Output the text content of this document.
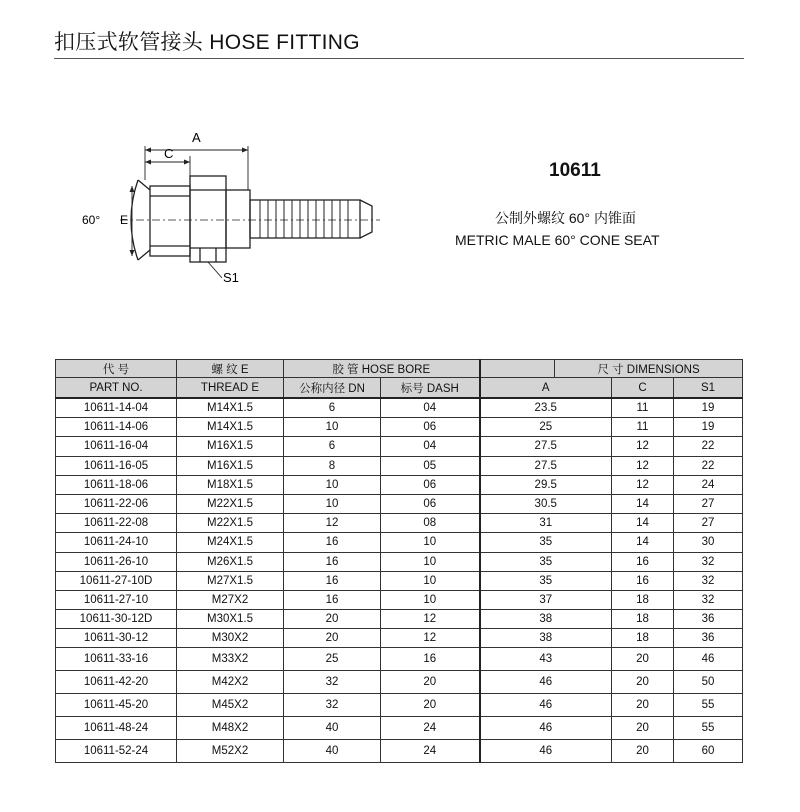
扣压式软管接头 HOSE FITTING
A
C
E
60°
S1
10611
公制外螺纹 60° 内锥面
METRIC MALE 60° CONE SEAT
代 号	螺 纹 E	胶 管 HOSE BORE			尺 寸 DIMENSIONS		
PART NO.	THREAD E	公称内径 DN	标号 DASH	A		C	S1
10611-14-04	M14X1.5	6	04	23.5		11	19
10611-14-06	M14X1.5	10	06	25		11	19
10611-16-04	M16X1.5	6	04	27.5		12	22
10611-16-05	M16X1.5	8	05	27.5		12	22
10611-18-06	M18X1.5	10	06	29.5		12	24
10611-22-06	M22X1.5	10	06	30.5		14	27
10611-22-08	M22X1.5	12	08	31		14	27
10611-24-10	M24X1.5	16	10	35		14	30
10611-26-10	M26X1.5	16	10	35		16	32
10611-27-10D	M27X1.5	16	10	35		16	32
10611-27-10	M27X2	16	10	37		18	32
10611-30-12D	M30X1.5	20	12	38		18	36
10611-30-12	M30X2	20	12	38		18	36
10611-33-16	M33X2	25	16	43		20	46
10611-42-20	M42X2	32	20	46		20	50
10611-45-20	M45X2	32	20	46		20	55
10611-48-24	M48X2	40	24	46		20	55
10611-52-24	M52X2	40	24	46		20	60
